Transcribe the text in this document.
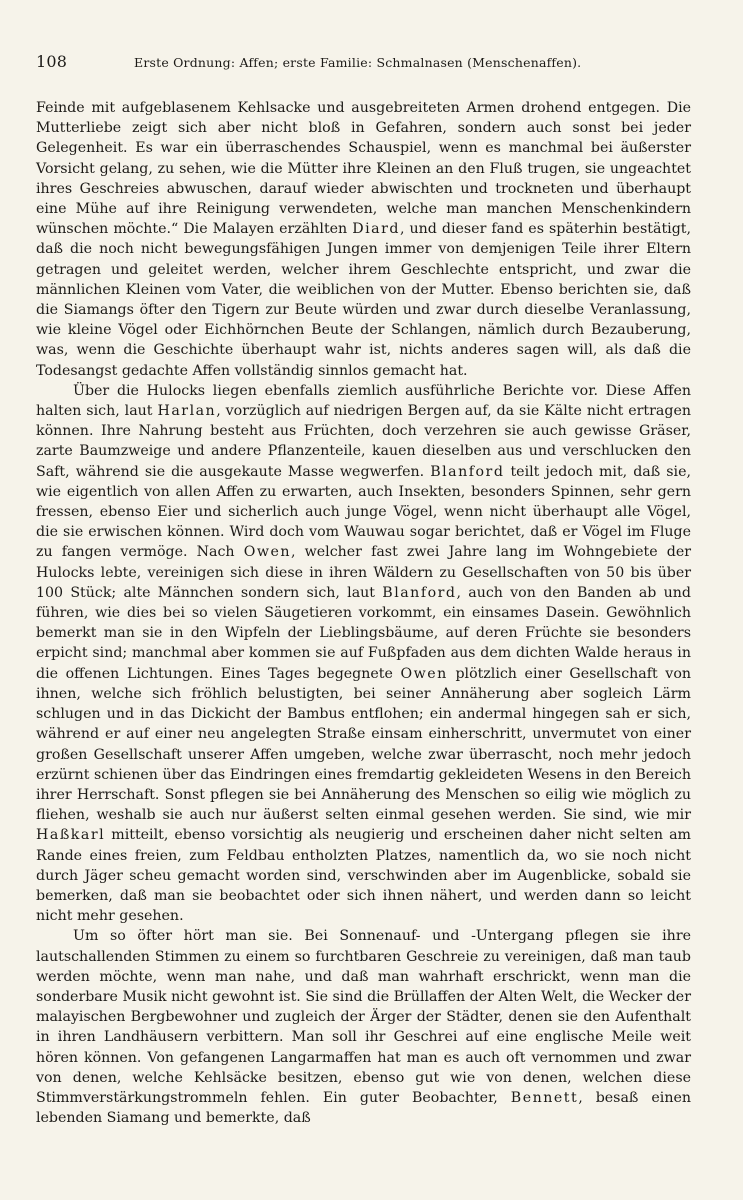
108	Erste Ordnung: Affen; erste Familie: Schmalnasen (Menschenaffen).

Feinde mit aufgeblasenem Kehlsacke und ausgebreiteten Armen drohend entgegen. Die Mutterliebe zeigt sich aber nicht bloß in Gefahren, sondern auch sonst bei jeder Gelegenheit. Es war ein überraschendes Schauspiel, wenn es manchmal bei äußerster Vorsicht gelang, zu sehen, wie die Mütter ihre Kleinen an den Fluß trugen, sie ungeachtet ihres Geschreies abwuschen, darauf wieder abwischten und trockneten und überhaupt eine Mühe auf ihre Reinigung verwendeten, welche man manchen Menschenkindern wünschen möchte.“ Die Malayen erzählten Diard, und dieser fand es späterhin bestätigt, daß die noch nicht bewegungsfähigen Jungen immer von demjenigen Teile ihrer Eltern getragen und geleitet werden, welcher ihrem Geschlechte entspricht, und zwar die männlichen Kleinen vom Vater, die weiblichen von der Mutter. Ebenso berichten sie, daß die Siamangs öfter den Tigern zur Beute würden und zwar durch dieselbe Veranlassung, wie kleine Vögel oder Eichhörnchen Beute der Schlangen, nämlich durch Bezauberung, was, wenn die Geschichte überhaupt wahr ist, nichts anderes sagen will, als daß die Todesangst gedachte Affen vollständig sinnlos gemacht hat.

Über die Hulocks liegen ebenfalls ziemlich ausführliche Berichte vor. Diese Affen halten sich, laut Harlan, vorzüglich auf niedrigen Bergen auf, da sie Kälte nicht ertragen können. Ihre Nahrung besteht aus Früchten, doch verzehren sie auch gewisse Gräser, zarte Baumzweige und andere Pflanzenteile, kauen dieselben aus und verschlucken den Saft, während sie die ausgekaute Masse wegwerfen. Blanford teilt jedoch mit, daß sie, wie eigentlich von allen Affen zu erwarten, auch Insekten, besonders Spinnen, sehr gern fressen, ebenso Eier und sicherlich auch junge Vögel, wenn nicht überhaupt alle Vögel, die sie erwischen können. Wird doch vom Wauwau sogar berichtet, daß er Vögel im Fluge zu fangen vermöge. Nach Owen, welcher fast zwei Jahre lang im Wohngebiete der Hulocks lebte, vereinigen sich diese in ihren Wäldern zu Gesellschaften von 50 bis über 100 Stück; alte Männchen sondern sich, laut Blanford, auch von den Banden ab und führen, wie dies bei so vielen Säugetieren vorkommt, ein einsames Dasein. Gewöhnlich bemerkt man sie in den Wipfeln der Lieblingsbäume, auf deren Früchte sie besonders erpicht sind; manchmal aber kommen sie auf Fußpfaden aus dem dichten Walde heraus in die offenen Lichtungen. Eines Tages begegnete Owen plötzlich einer Gesellschaft von ihnen, welche sich fröhlich belustigten, bei seiner Annäherung aber sogleich Lärm schlugen und in das Dickicht der Bambus entflohen; ein andermal hingegen sah er sich, während er auf einer neu angelegten Straße einsam einherschritt, unvermutet von einer großen Gesellschaft unserer Affen umgeben, welche zwar überrascht, noch mehr jedoch erzürnt schienen über das Eindringen eines fremdartig gekleideten Wesens in den Bereich ihrer Herrschaft. Sonst pflegen sie bei Annäherung des Menschen so eilig wie möglich zu fliehen, weshalb sie auch nur äußerst selten einmal gesehen werden. Sie sind, wie mir Haßkarl mitteilt, ebenso vorsichtig als neugierig und erscheinen daher nicht selten am Rande eines freien, zum Feldbau entholzten Platzes, namentlich da, wo sie noch nicht durch Jäger scheu gemacht worden sind, verschwinden aber im Augenblicke, sobald sie bemerken, daß man sie beobachtet oder sich ihnen nähert, und werden dann so leicht nicht mehr gesehen.

Um so öfter hört man sie. Bei Sonnenauf- und -Untergang pflegen sie ihre lautschallenden Stimmen zu einem so furchtbaren Geschreie zu vereinigen, daß man taub werden möchte, wenn man nahe, und daß man wahrhaft erschrickt, wenn man die sonderbare Musik nicht gewohnt ist. Sie sind die Brüllaffen der Alten Welt, die Wecker der malayischen Bergbewohner und zugleich der Ärger der Städter, denen sie den Aufenthalt in ihren Landhäusern verbittern. Man soll ihr Geschrei auf eine englische Meile weit hören können. Von gefangenen Langarmaffen hat man es auch oft vernommen und zwar von denen, welche Kehlsäcke besitzen, ebenso gut wie von denen, welchen diese Stimmverstärkungstrommeln fehlen. Ein guter Beobachter, Bennett, besaß einen lebenden Siamang und bemerkte, daß
